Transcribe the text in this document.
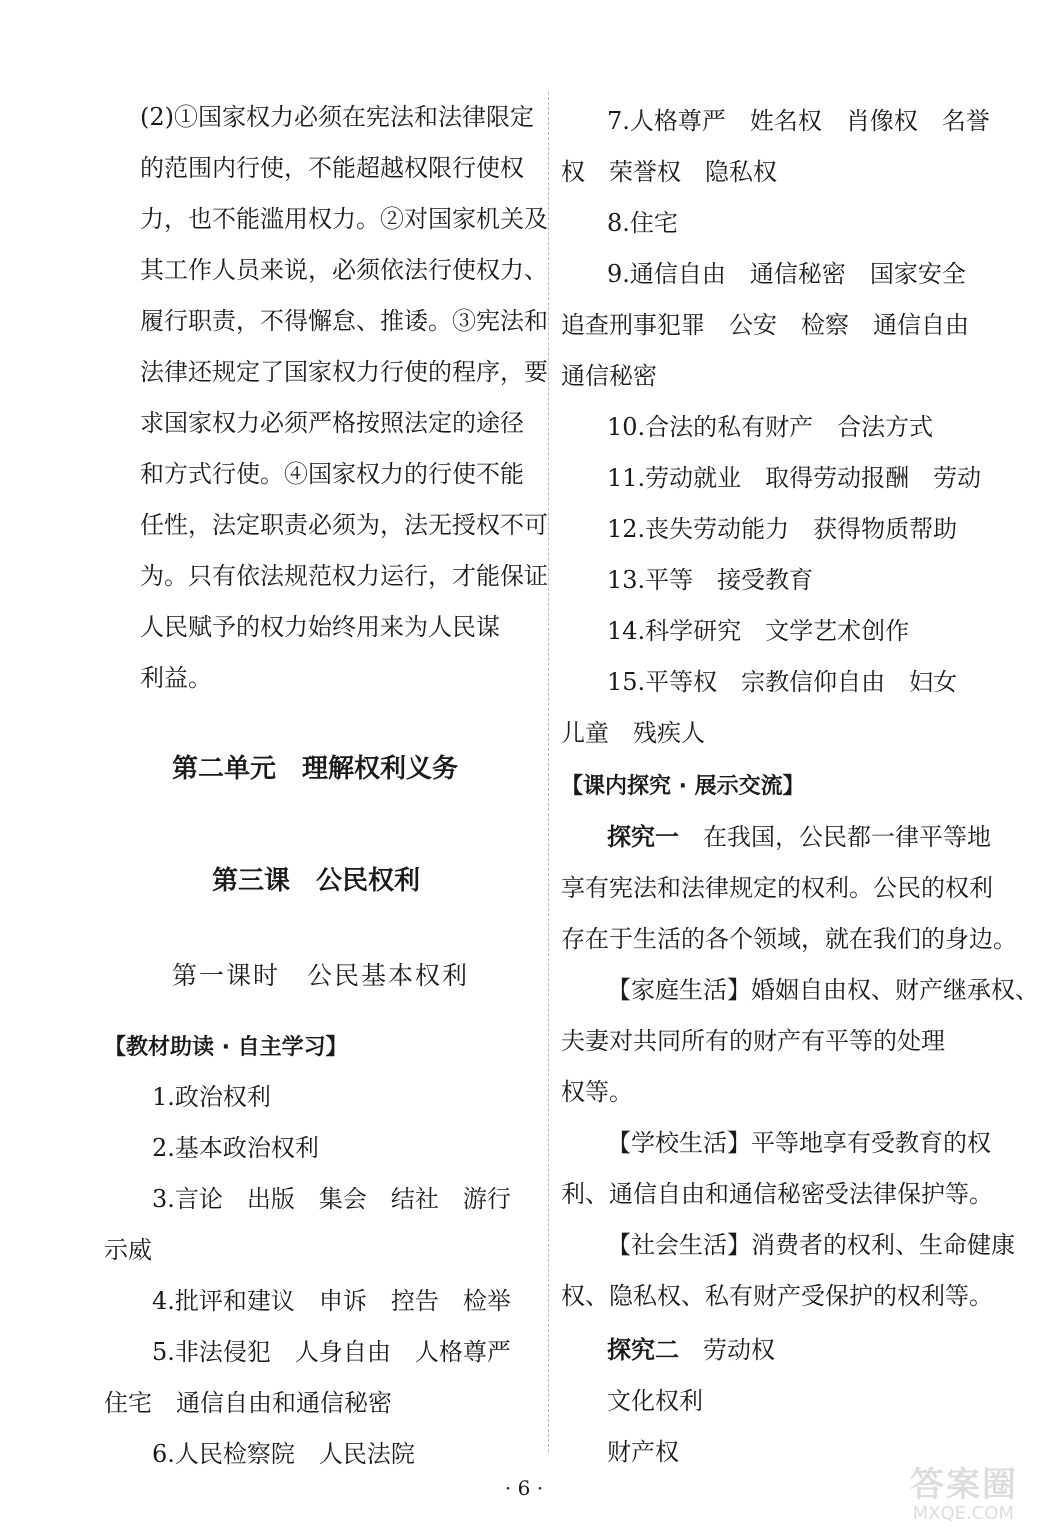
(2)①国家权力必须在宪法和法律限定
的范围内行使，不能超越权限行使权
力，也不能滥用权力。②对国家机关及
其工作人员来说，必须依法行使权力、
履行职责，不得懈怠、推诿。③宪法和
法律还规定了国家权力行使的程序，要
求国家权力必须严格按照法定的途径
和方式行使。④国家权力的行使不能
任性，法定职责必须为，法无授权不可
为。只有依法规范权力运行，才能保证
人民赋予的权力始终用来为人民谋
利益。
第二单元　理解权利义务
第三课　公民权利
第一课时　公民基本权利
【教材助读 · 自主学习】
1.政治权利
2.基本政治权利
3.言论　出版　集会　结社　游行
示威
4.批评和建议　申诉　控告　检举
5.非法侵犯　人身自由　人格尊严
住宅　通信自由和通信秘密
6.人民检察院　人民法院
7.人格尊严　姓名权　肖像权　名誉
权　荣誉权　隐私权
8.住宅
9.通信自由　通信秘密　国家安全
追查刑事犯罪　公安　检察　通信自由
通信秘密
10.合法的私有财产　合法方式
11.劳动就业　取得劳动报酬　劳动
12.丧失劳动能力　获得物质帮助
13.平等　接受教育
14.科学研究　文学艺术创作
15.平等权　宗教信仰自由　妇女
儿童　残疾人
【课内探究 · 展示交流】
探究一　在我国，公民都一律平等地
享有宪法和法律规定的权利。公民的权利
存在于生活的各个领域，就在我们的身边。
【家庭生活】婚姻自由权、财产继承权、
夫妻对共同所有的财产有平等的处理
权等。
【学校生活】平等地享有受教育的权
利、通信自由和通信秘密受法律保护等。
【社会生活】消费者的权利、生命健康
权、隐私权、私有财产受保护的权利等。
探究二　劳动权
文化权利
财产权
· 6 ·	答案圈
MXQE.COM
